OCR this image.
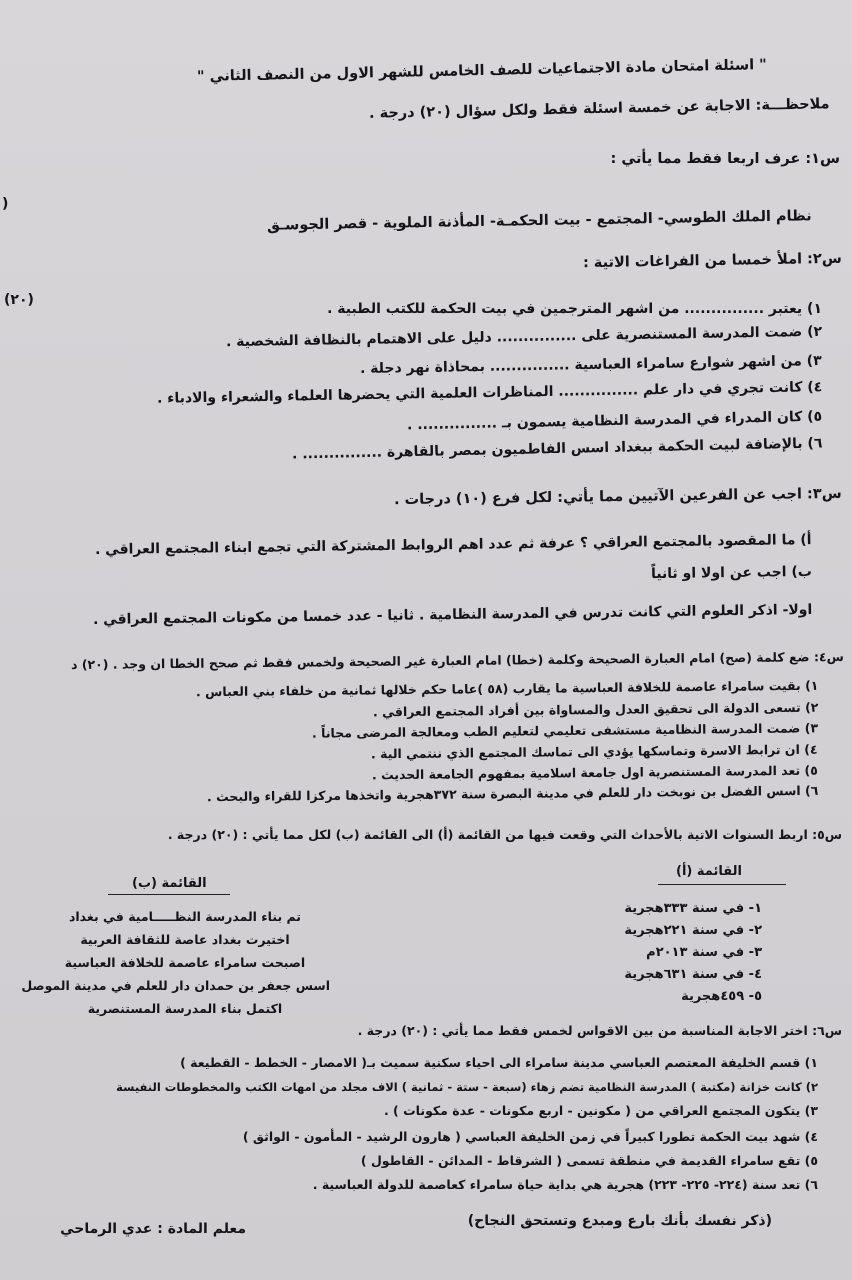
" اسئلة امتحان مادة الاجتماعيات للصف الخامس للشهر الاول من النصف الثاني "
ملاحظـــة: الاجابة عن خمسة اسئلة فقط ولكل سؤال (٢٠) درجة .
س١: عرف اربعا فقط مما يأتي :
نظام الملك الطوسي- المجتمع - بيت الحكمـة- المأذنة الملوية - قصر الجوسـق
س٢: املأ خمسا من الفراغات الاتية :
(٢٠)
)
١) يعتبر ............... من اشهر المترجمين في بيت الحكمة للكتب الطبية .
٢) ضمت المدرسة المستنصرية على ............... دليل على الاهتمام بالنظافة الشخصية .
٣) من اشهر شوارع سامراء العباسية ............... بمحاذاة نهر دجلة .
٤) كانت تجري في دار علم ............... المناظرات العلمية التي يحضرها العلماء والشعراء والادباء .
٥) كان المدراء في المدرسة النظامية يسمون بـ ............... .
٦) بالإضافة لبيت الحكمة ببغداد اسس الفاطميون بمصر بالقاهرة ............... .
س٣: اجب عن الفرعين الآتيين مما يأتي: لكل فرع (١٠) درجات .
أ) ما المقصود بالمجتمع العراقي ؟ عرفة ثم عدد اهم الروابط المشتركة التي تجمع ابناء المجتمع العراقي .
ب) اجب عن اولا او ثانياً
اولا- اذكر العلوم التي كانت تدرس في المدرسة النظامية . ثانيا - عدد خمسا من مكونات المجتمع العراقي .
س٤: ضع كلمة (صح) امام العبارة الصحيحة وكلمة (خطا) امام العبارة غير الصحيحة ولخمس فقط ثم صحح الخطا ان وجد . (٢٠) د
١) بقيت سامراء عاصمة للخلافة العباسية ما يقارب (٥٨ )عاما حكم خلالها ثمانية من خلفاء بني العباس .
٢) تسعى الدولة الى تحقيق العدل والمساواة بين أفراد المجتمع العراقي .
٣) ضمت المدرسة النظامية مستشفى تعليمي لتعليم الطب ومعالجة المرضى مجاناً .
٤) ان ترابط الاسرة وتماسكها يؤدي الى تماسك المجتمع الذي ننتمي الية .
٥) تعد المدرسة المستنصرية اول جامعة اسلامية بمفهوم الجامعة الحديث .
٦) اسس الفضل بن نوبخت دار للعلم في مدينة البصرة سنة ٣٧٢هجرية واتخذها مركزا للقراء والبحث .
س٥: اربط السنوات الاتية بالأحداث التي وقعت فيها من القائمة (أ) الى القائمة (ب) لكل مما يأتي : (٢٠) درجة .
القائمة (أ)
القائمة (ب)
١- في سنة ٣٣٣هجرية
٢- في سنة ٢٢١هجرية
٣- في سنة ٢٠١٣م
٤- في سنة ٦٣١هجرية
٥- ٤٥٩هجرية
تم بناء المدرسة النظـــــامية في بغداد
اختيرت بغداد عاصة للثقافة العربية
اصبحت سامراء عاصمة للخلافة العباسية
اسس جعفر بن حمدان دار للعلم في مدينة الموصل
اكتمل بناء المدرسة المستنصرية
س٦: اختر الاجابة المناسبة من بين الاقواس لخمس فقط مما يأتي : (٢٠) درجة .
١) قسم الخليفة المعتصم العباسي مدينة سامراء الى احياء سكنية سميت بـ( الامصار - الخطط - القطيعة )
٢) كانت خزانة (مكتبة ) المدرسة النظامية تضم زهاء (سبعة - ستة - ثمانية ) الاف مجلد من امهات الكتب والمخطوطات النفيسة
٣) يتكون المجتمع العراقي من ( مكونين - اربع مكونات - عدة مكونات ) .
٤) شهد بيت الحكمة تطورا كبيراً في زمن الخليفة العباسي ( هارون الرشيد - المأمون - الواثق )
٥) تقع سامراء القديمة في منطقة تسمى ( الشرقاط - المدائن - القاطول )
٦) تعد سنة (٢٢٤- ٢٢٥- ٢٢٣) هجرية هي بداية حياة سامراء كعاصمة للدولة العباسية .
(ذكر نفسك بأنك بارع ومبدع وتستحق النجاح)
معلم المادة : عدي الرماحي
